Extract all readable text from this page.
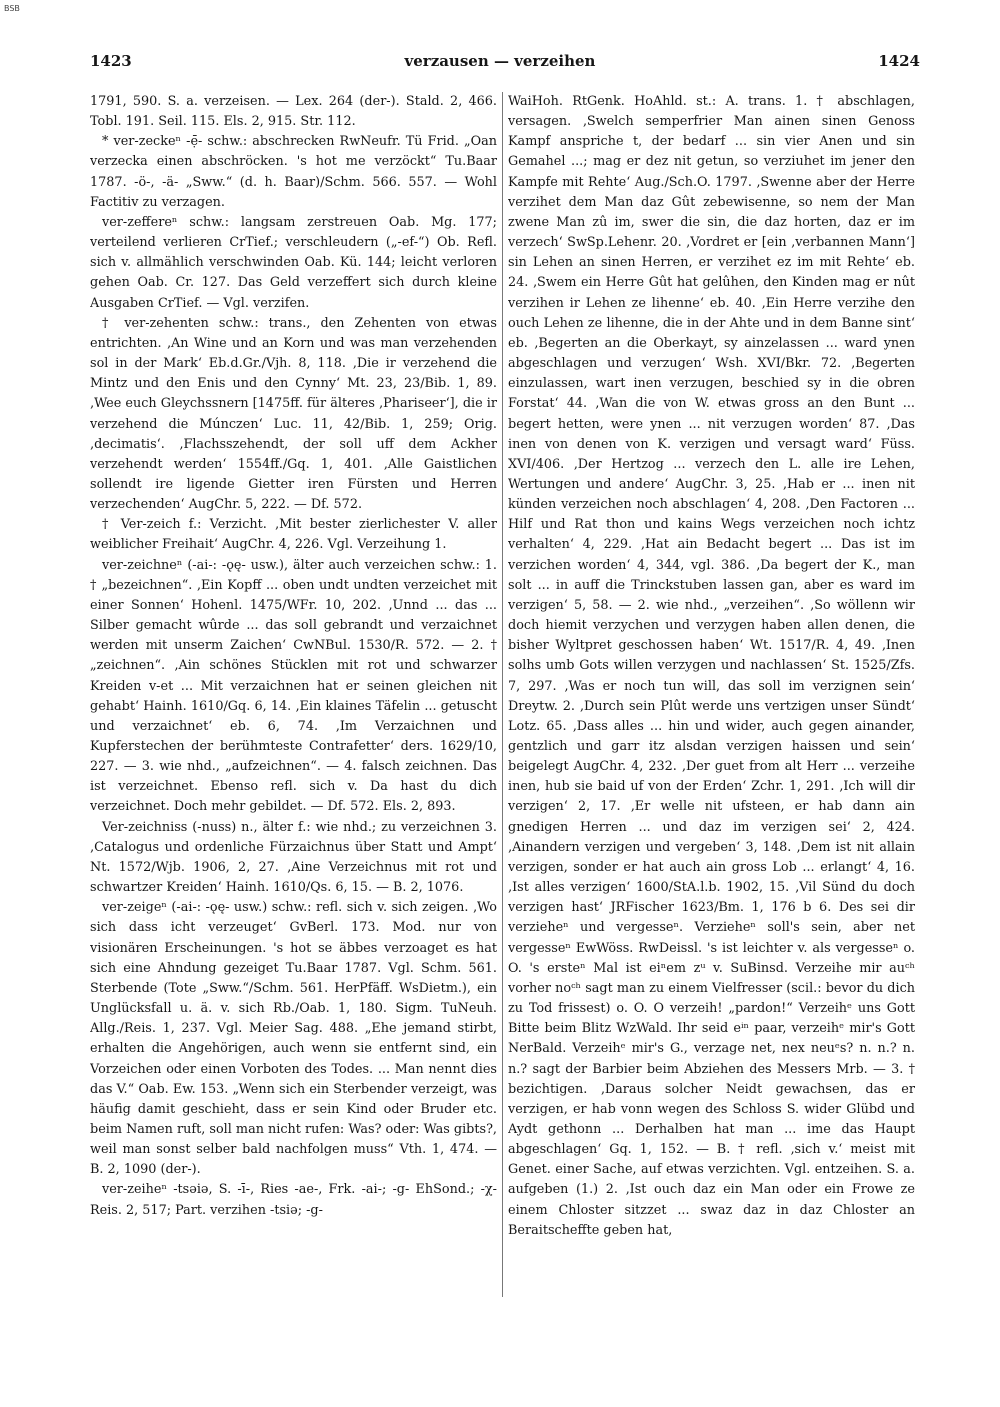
BSB
1423	verzausen — verzeihen	1424

1791, 590. S. a. verzeisen. — Lex. 264 (der-). Stald. 2, 466. Tobl. 191. Seil. 115. Els. 2, 915. Str. 112.

* ver-zeckeⁿ -ẹ̄- schw.: abschrecken RwNeufr. Tü Frid. „Oan verzecka einen abschröcken. 's hot me verzöckt“ Tu.Baar 1787. -ö-, -ä- „Sww.“ (d. h. Baar)/Schm. 566. 557. — Wohl Factitiv zu verzagen.

ver-zeffereⁿ schw.: langsam zerstreuen Oab. Mg. 177; verteilend verlieren CrTief.; verschleudern („-ef-“) Ob. Refl. sich v. allmählich verschwinden Oab. Kü. 144; leicht verloren gehen Oab. Cr. 127. Das Geld verzeffert sich durch kleine Ausgaben CrTief. — Vgl. verzifen.

† ver-zehenten schw.: trans., den Zehenten von etwas entrichten. ‚An Wine und an Korn und was man verzehenden sol in der Mark‘ Eb.d.Gr./Vjh. 8, 118. ‚Die ir verzehend die Mintz und den Enis und den Cynny‘ Mt. 23, 23/Bib. 1, 89. ‚Wee euch Gleychssnern [1475ff. für älteres ‚Phariseer‘], die ir verzehend die Múnczen‘ Luc. 11, 42/Bib. 1, 259; Orig. ‚decimatis‘. ‚Flachsszehendt, der soll uff dem Ackher verzehendt werden‘ 1554ff./Gq. 1, 401. ‚Alle Gaistlichen sollendt ire ligende Gietter iren Fürsten und Herren verzechenden‘ AugChr. 5, 222. — Df. 572.

† Ver-zeich f.: Verzicht. ‚Mit bester zierlichester V. aller weiblicher Freihait‘ AugChr. 4, 226. Vgl. Verzeihung 1.

ver-zeichneⁿ (-ai-: -ǫę- usw.), älter auch verzeichen schw.: 1. † „bezeichnen“. ‚Ein Kopff ... oben undt undten verzeichet mit einer Sonnen‘ Hohenl. 1475/WFr. 10, 202. ‚Unnd ... das ... Silber gemacht wûrde ... das soll gebrandt und verzaichnet werden mit unserm Zaichen‘ CwNBul. 1530/R. 572. — 2. † „zeichnen“. ‚Ain schönes Stücklen mit rot und schwarzer Kreiden v-et ... Mit verzaichnen hat er seinen gleichen nit gehabt‘ Hainh. 1610/Gq. 6, 14. ‚Ein klaines Täfelin ... getuscht und verzaichnet‘ eb. 6, 74. ‚Im Verzaichnen und Kupferstechen der berühmteste Contrafetter‘ ders. 1629/10, 227. — 3. wie nhd., „aufzeichnen“. — 4. falsch zeichnen. Das ist verzeichnet. Ebenso refl. sich v. Da hast du dich verzeichnet. Doch mehr gebildet. — Df. 572. Els. 2, 893.

Ver-zeichniss (-nuss) n., älter f.: wie nhd.; zu verzeichnen 3. ‚Catalogus und ordenliche Fürzaichnus über Statt und Ampt‘ Nt. 1572/Wjb. 1906, 2, 27. ‚Aine Verzeichnus mit rot und schwartzer Kreiden‘ Hainh. 1610/Qs. 6, 15. — B. 2, 1076.

ver-zeigeⁿ (-ai-: -ǫę- usw.) schw.: refl. sich v. sich zeigen. ‚Wo sich dass icht verzeuget‘ GvBerl. 173. Mod. nur von visionären Erscheinungen. 's hot se äbbes verzoaget es hat sich eine Ahndung gezeiget Tu.Baar 1787. Vgl. Schm. 561. Sterbende (Tote „Sww.“/Schm. 561. HerPfäff. WsDietm.), ein Unglücksfall u. ä. v. sich Rb./Oab. 1, 180. Sigm. TuNeuh. Allg./Reis. 1, 237. Vgl. Meier Sag. 488. „Ehe jemand stirbt, erhalten die Angehörigen, auch wenn sie entfernt sind, ein Vorzeichen oder einen Vorboten des Todes. ... Man nennt dies das V.“ Oab. Ew. 153. „Wenn sich ein Sterbender verzeigt, was häufig damit geschieht, dass er sein Kind oder Bruder etc. beim Namen ruft, soll man nicht rufen: Was? oder: Was gibts?, weil man sonst selber bald nachfolgen muss“ Vth. 1, 474. — B. 2, 1090 (der-).

ver-zeiheⁿ -tsəiə, S. -ī-, Ries -ae-, Frk. -ai-; -g- EhSond.; -χ- Reis. 2, 517; Part. verzihen -tsiə; -g-

WaiHoh. RtGenk. HoAhld. st.: A. trans. 1. † abschlagen, versagen. ‚Swelch semperfrier Man ainen sinen Genoss Kampf anspriche t, der bedarf ... sin vier Anen und sin Gemahel ...; mag er dez nit getun, so verziuhet im jener den Kampfe mit Rehte‘ Aug./Sch.O. 1797. ‚Swenne aber der Herre verzihet dem Man daz Gût zebewisenne, so nem der Man zwene Man zû im, swer die sin, die daz horten, daz er im verzech‘ SwSp.Lehenr. 20. ‚Vordret er [ein ‚verbannen Mann‘] sin Lehen an sinen Herren, er verzihet ez im mit Rehte‘ eb. 24. ‚Swem ein Herre Gût hat gelûhen, den Kinden mag er nût verzihen ir Lehen ze lihenne‘ eb. 40. ‚Ein Herre verzihe den ouch Lehen ze lihenne, die in der Ahte und in dem Banne sint‘ eb. ‚Begerten an die Oberkayt, sy ainzelassen ... ward ynen abgeschlagen und verzugen‘ Wsh. XVI/Bkr. 72. ‚Begerten einzulassen, wart inen verzugen, beschied sy in die obren Forstat‘ 44. ‚Wan die von W. etwas gross an den Bunt ... begert hetten, were ynen ... nit verzugen worden‘ 87. ‚Das inen von denen von K. verzigen und versagt ward‘ Füss. XVI/406. ‚Der Hertzog ... verzech den L. alle ire Lehen, Wertungen und andere‘ AugChr. 3, 25. ‚Hab er ... inen nit künden verzeichen noch abschlagen‘ 4, 208. ‚Den Factoren ... Hilf und Rat thon und kains Wegs verzeichen noch ichtz verhalten‘ 4, 229. ‚Hat ain Bedacht begert ... Das ist im verzichen worden‘ 4, 344, vgl. 386. ‚Da begert der K., man solt ... in auff die Trinckstuben lassen gan, aber es ward im verzigen‘ 5, 58. — 2. wie nhd., „verzeihen“. ‚So wöllenn wir doch hiemit verzychen und verzygen haben allen denen, die bisher Wyltpret geschossen haben‘ Wt. 1517/R. 4, 49. ‚Inen solhs umb Gots willen verzygen und nachlassen‘ St. 1525/Zfs. 7, 297. ‚Was er noch tun will, das soll im verzignen sein‘ Dreytw. 2. ‚Durch sein Plût werde uns vertzigen unser Sündt‘ Lotz. 65. ‚Dass alles ... hin und wider, auch gegen ainander, gentzlich und garr itz alsdan verzigen haissen und sein‘ beigelegt AugChr. 4, 232. ‚Der guet from alt Herr ... verzeihe inen, hub sie baid uf von der Erden‘ Zchr. 1, 291. ‚Ich will dir verzigen‘ 2, 17. ‚Er welle nit ufsteen, er hab dann ain gnedigen Herren ... und daz im verzigen sei‘ 2, 424. ‚Ainandern verzigen und vergeben‘ 3, 148. ‚Dem ist nit allain verzigen, sonder er hat auch ain gross Lob ... erlangt‘ 4, 16. ‚Ist alles verzigen‘ 1600/StA.l.b. 1902, 15. ‚Vil Sünd du doch verzigen hast‘ JRFischer 1623/Bm. 1, 176 b 6. Des sei dir verzieheⁿ und vergesseⁿ. Verzieheⁿ soll's sein, aber net vergesseⁿ EwWöss. RwDeissl. 's ist leichter v. als vergesseⁿ o. O. 's ersteⁿ Mal ist eiⁿem zᵘ v. SuBinsd. Verzeihe mir auᶜʰ vorher noᶜʰ sagt man zu einem Vielfresser (scil.: bevor du dich zu Tod frissest) o. O. O verzeih! „pardon!“ Verzeihᵉ uns Gott Bitte beim Blitz WzWald. Ihr seid eⁱⁿ paar, verzeihᵉ mir's Gott NerBald. Verzeihᵉ mir's G., verzage net, nex neuᵉs? n. n.? n. n.? sagt der Barbier beim Abziehen des Messers Mrb. — 3. † bezichtigen. ‚Daraus solcher Neidt gewachsen, das er verzigen, er hab vonn wegen des Schloss S. wider Glübd und Aydt gethonn ... Derhalben hat man ... ime das Haupt abgeschlagen‘ Gq. 1, 152. — B. † refl. ‚sich v.‘ meist mit Genet. einer Sache, auf etwas verzichten. Vgl. entzeihen. S. a. aufgeben (1.) 2. ‚Ist ouch daz ein Man oder ein Frowe ze einem Chloster sitzzet ... swaz daz in daz Chloster an Beraitscheffte geben hat,
